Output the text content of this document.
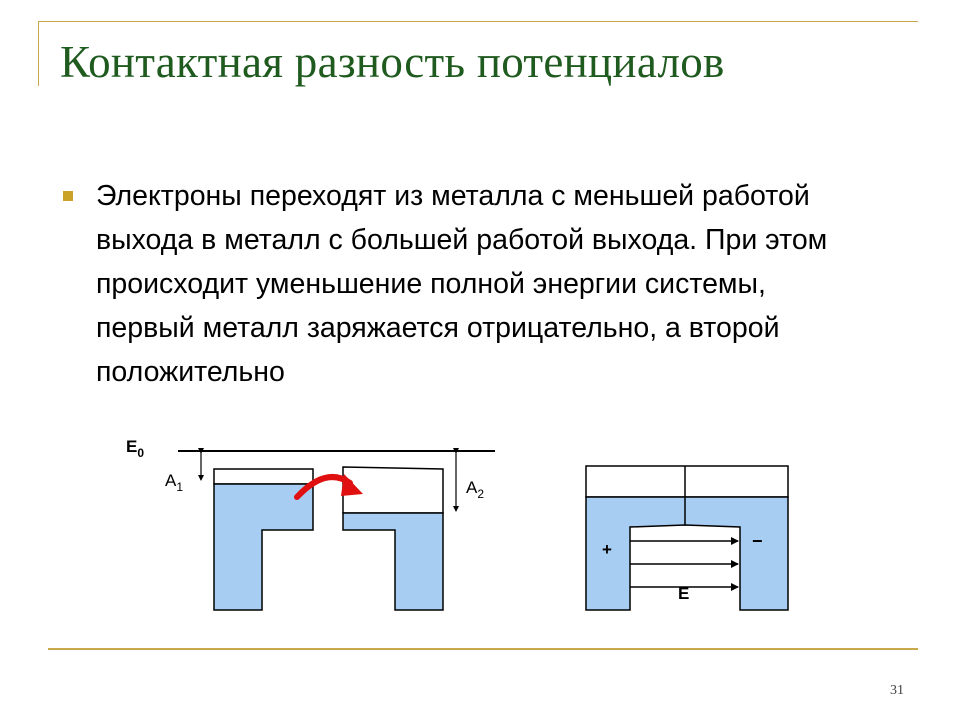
Контактная разность потенциалов
Электроны переходят из металла с меньшей работой выхода в металл с большей работой выхода. При этом происходит уменьшение полной энергии системы, первый металл заряжается отрицательно, а второй положительно
$E_0$
$A_1$	$A_2$
+	−
E
31
